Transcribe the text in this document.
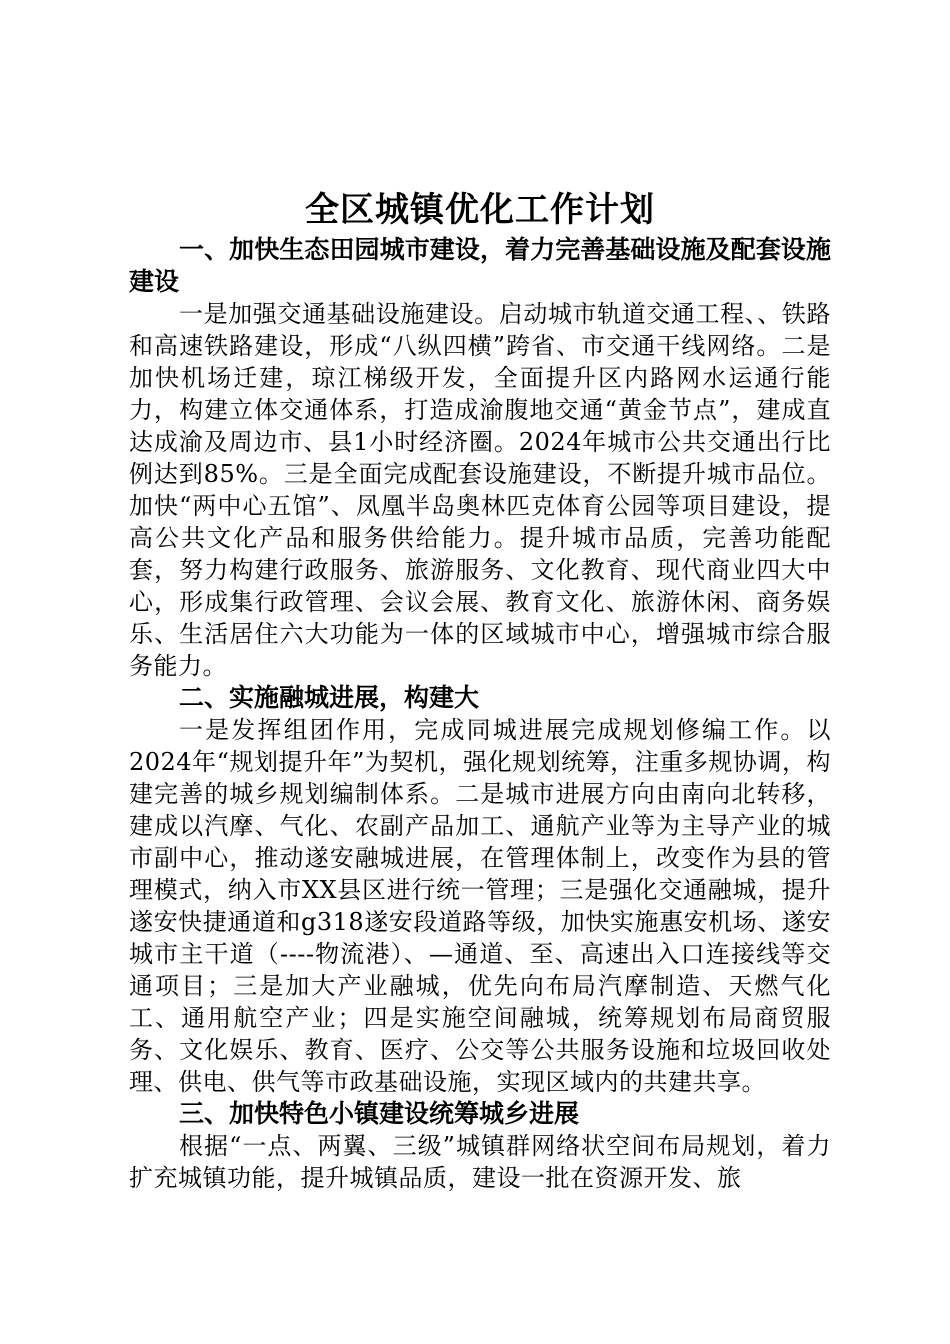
全区城镇优化工作计划

一、加快生态田园城市建设，着力完善基础设施及配套设施建设

一是加强交通基础设施建设。启动城市轨道交通工程、、铁路和高速铁路建设，形成“八纵四横”跨省、市交通干线网络。二是加快机场迁建，琼江梯级开发，全面提升区内路网水运通行能力，构建立体交通体系，打造成渝腹地交通“黄金节点”，建成直达成渝及周边市、县1小时经济圈。2024年城市公共交通出行比例达到85%。三是全面完成配套设施建设，不断提升城市品位。加快“两中心五馆”、凤凰半岛奥林匹克体育公园等项目建设，提高公共文化产品和服务供给能力。提升城市品质，完善功能配套，努力构建行政服务、旅游服务、文化教育、现代商业四大中心，形成集行政管理、会议会展、教育文化、旅游休闲、商务娱乐、生活居住六大功能为一体的区域城市中心，增强城市综合服务能力。

二、实施融城进展，构建大

一是发挥组团作用，完成同城进展完成规划修编工作。以2024年“规划提升年”为契机，强化规划统筹，注重多规协调，构建完善的城乡规划编制体系。二是城市进展方向由南向北转移，建成以汽摩、气化、农副产品加工、通航产业等为主导产业的城市副中心，推动遂安融城进展，在管理体制上，改变作为县的管理模式，纳入市XX县区进行统一管理；三是强化交通融城，提升遂安快捷通道和g318遂安段道路等级，加快实施惠安机场、遂安城市主干道（----物流港）、—通道、至、高速出入口连接线等交通项目；三是加大产业融城，优先向布局汽摩制造、天燃气化工、通用航空产业；四是实施空间融城，统筹规划布局商贸服务、文化娱乐、教育、医疗、公交等公共服务设施和垃圾回收处理、供电、供气等市政基础设施，实现区域内的共建共享。

三、加快特色小镇建设统筹城乡进展

根据“一点、两翼、三级”城镇群网络状空间布局规划，着力扩充城镇功能，提升城镇品质，建设一批在资源开发、旅
